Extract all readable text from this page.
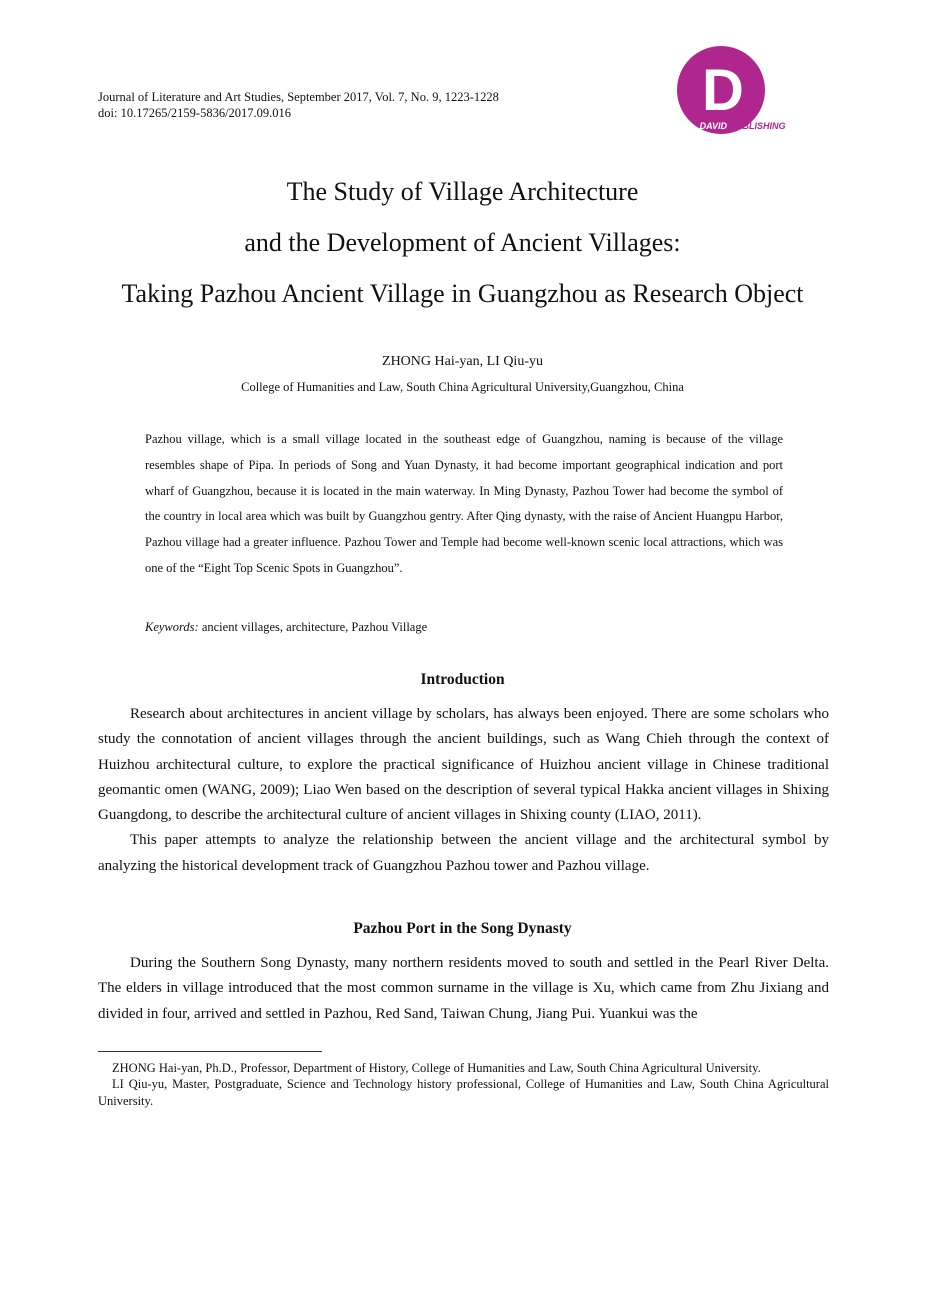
Journal of Literature and Art Studies, September 2017, Vol. 7, No. 9, 1223-1228
doi: 10.17265/2159-5836/2017.09.016	D
DAVID PUBLISHING
The Study of Village Architecture
and the Development of Ancient Villages:
Taking Pazhou Ancient Village in Guangzhou as Research Object
ZHONG Hai-yan, LI Qiu-yu
College of Humanities and Law, South China Agricultural University,Guangzhou, China
Pazhou village, which is a small village located in the southeast edge of Guangzhou, naming is because of the village resembles shape of Pipa. In periods of Song and Yuan Dynasty, it had become important geographical indication and port wharf of Guangzhou, because it is located in the main waterway. In Ming Dynasty, Pazhou Tower had become the symbol of the country in local area which was built by Guangzhou gentry. After Qing dynasty, with the raise of Ancient Huangpu Harbor, Pazhou village had a greater influence. Pazhou Tower and Temple had become well-known scenic local attractions, which was one of the “Eight Top Scenic Spots in Guangzhou”.
Keywords: ancient villages, architecture, Pazhou Village
Introduction

Research about architectures in ancient village by scholars, has always been enjoyed. There are some scholars who study the connotation of ancient villages through the ancient buildings, such as Wang Chieh through the context of Huizhou architectural culture, to explore the practical significance of Huizhou ancient village in Chinese traditional geomantic omen (WANG, 2009); Liao Wen based on the description of several typical Hakka ancient villages in Shixing Guangdong, to describe the architectural culture of ancient villages in Shixing county (LIAO, 2011).

This paper attempts to analyze the relationship between the ancient village and the architectural symbol by analyzing the historical development track of Guangzhou Pazhou tower and Pazhou village.

Pazhou Port in the Song Dynasty

During the Southern Song Dynasty, many northern residents moved to south and settled in the Pearl River Delta. The elders in village introduced that the most common surname in the village is Xu, which came from Zhu Jixiang and divided in four, arrived and settled in Pazhou, Red Sand, Taiwan Chung, Jiang Pui. Yuankui was the

ZHONG Hai-yan, Ph.D., Professor, Department of History, College of Humanities and Law, South China Agricultural University.

LI Qiu-yu, Master, Postgraduate, Science and Technology history professional, College of Humanities and Law, South China Agricultural University.
